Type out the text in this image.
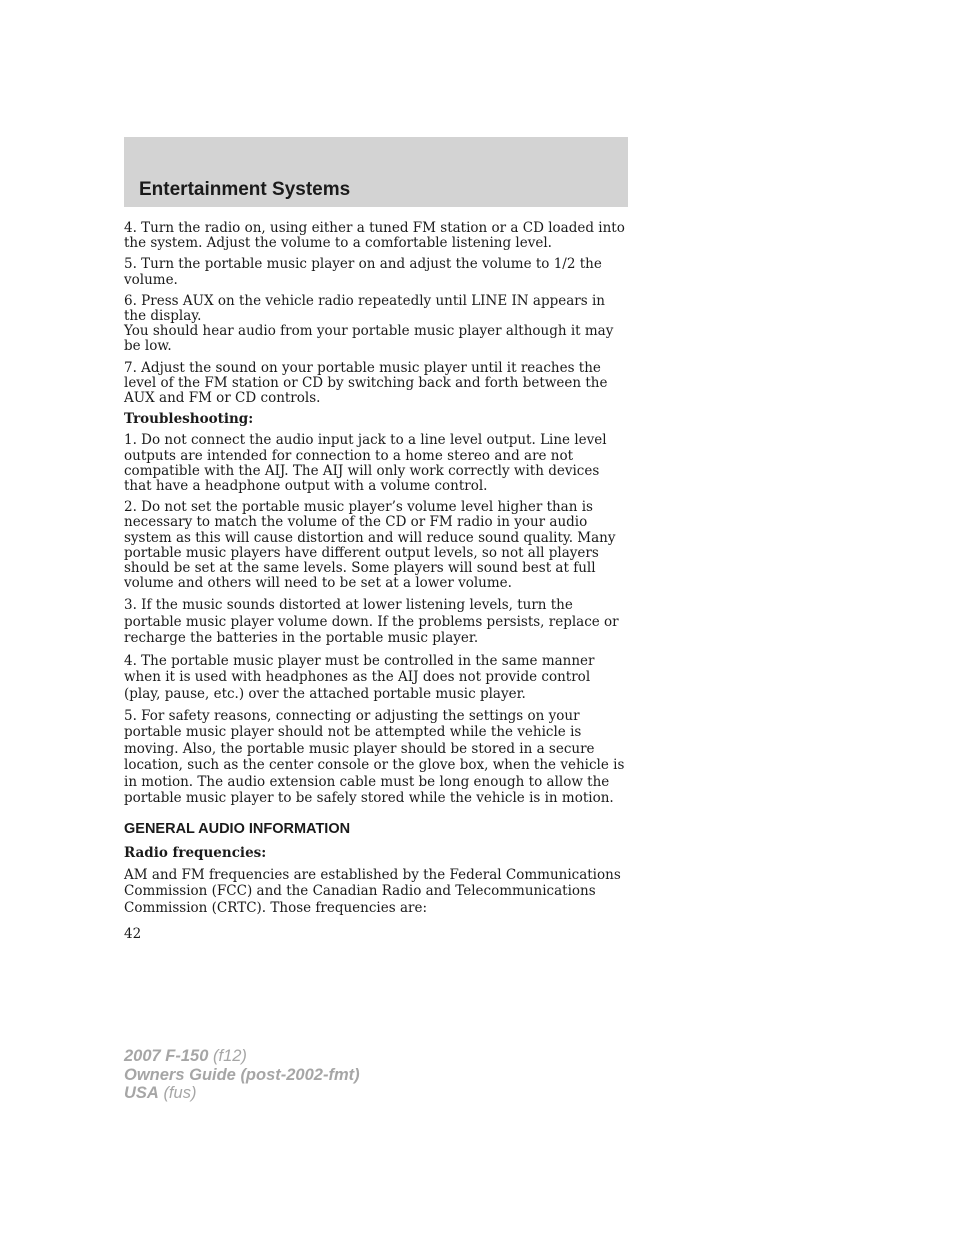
Entertainment Systems

4. Turn the radio on, using either a tuned FM station or a CD loaded into the system. Adjust the volume to a comfortable listening level.

5. Turn the portable music player on and adjust the volume to 1/2 the volume.

6. Press AUX on the vehicle radio repeatedly until LINE IN appears in the display.

You should hear audio from your portable music player although it may be low.

7. Adjust the sound on your portable music player until it reaches the level of the FM station or CD by switching back and forth between the AUX and FM or CD controls.

Troubleshooting:

1. Do not connect the audio input jack to a line level output. Line level outputs are intended for connection to a home stereo and are not compatible with the AIJ. The AIJ will only work correctly with devices that have a headphone output with a volume control.

2. Do not set the portable music player’s volume level higher than is necessary to match the volume of the CD or FM radio in your audio system as this will cause distortion and will reduce sound quality. Many portable music players have different output levels, so not all players should be set at the same levels. Some players will sound best at full volume and others will need to be set at a lower volume.

3. If the music sounds distorted at lower listening levels, turn the portable music player volume down. If the problems persists, replace or recharge the batteries in the portable music player.

4. The portable music player must be controlled in the same manner when it is used with headphones as the AIJ does not provide control (play, pause, etc.) over the attached portable music player.

5. For safety reasons, connecting or adjusting the settings on your portable music player should not be attempted while the vehicle is moving. Also, the portable music player should be stored in a secure location, such as the center console or the glove box, when the vehicle is in motion. The audio extension cable must be long enough to allow the portable music player to be safely stored while the vehicle is in motion.

GENERAL AUDIO INFORMATION

Radio frequencies:

AM and FM frequencies are established by the Federal Communications Commission (FCC) and the Canadian Radio and Telecommunications Commission (CRTC). Those frequencies are:

42
2007 F-150 (f12)
Owners Guide (post-2002-fmt)
USA (fus)
